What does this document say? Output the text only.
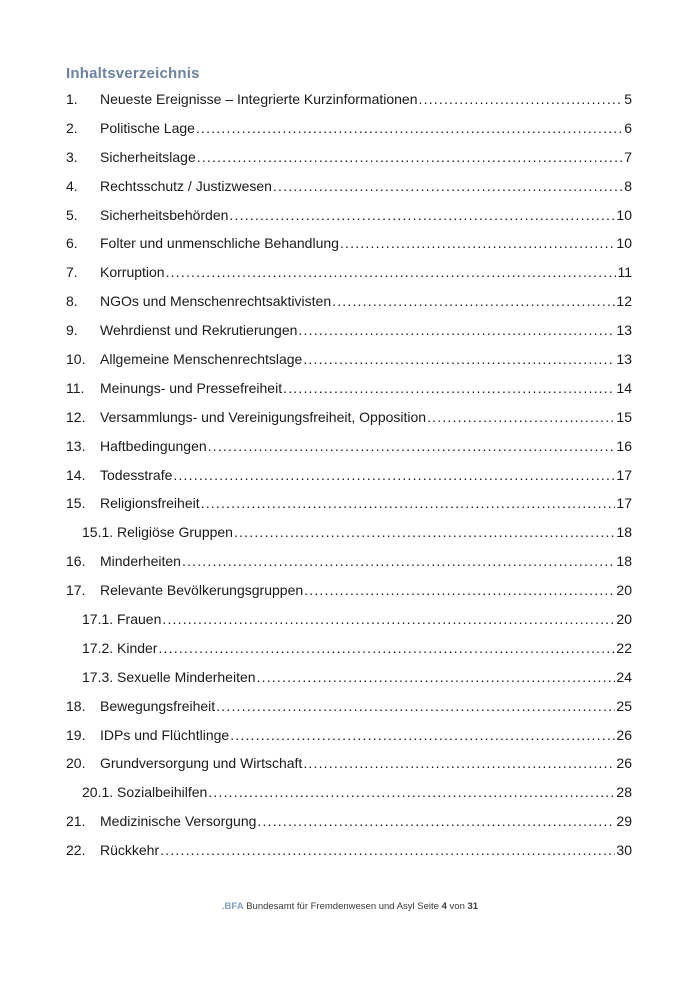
Inhaltsverzeichnis
1.	Neueste Ereignisse – Integrierte Kurzinformationen .....	5
2.	Politische Lage .....	6
3.	Sicherheitslage .....	7
4.	Rechtsschutz / Justizwesen .....	8
5.	Sicherheitsbehörden .....	10
6.	Folter und unmenschliche Behandlung .....	10
7.	Korruption .....	11
8.	NGOs und Menschenrechtsaktivisten .....	12
9.	Wehrdienst und Rekrutierungen .....	13
10.	Allgemeine Menschenrechtslage .....	13
11.	Meinungs- und Pressefreiheit .....	14
12.	Versammlungs- und Vereinigungsfreiheit, Opposition .....	15
13.	Haftbedingungen .....	16
14.	Todesstrafe .....	17
15.	Religionsfreiheit .....	17
15.1. Religiöse Gruppen .....	18
16.	Minderheiten .....	18
17.	Relevante Bevölkerungsgruppen .....	20
17.1. Frauen .....	20
17.2. Kinder .....	22
17.3. Sexuelle Minderheiten .....	24
18.	Bewegungsfreiheit .....	25
19.	IDPs und Flüchtlinge .....	26
20.	Grundversorgung und Wirtschaft .....	26
20.1. Sozialbeihilfen .....	28
21.	Medizinische Versorgung .....	29
22.	Rückkehr .....	30
.BFA Bundesamt für Fremdenwesen und Asyl Seite 4 von 31
